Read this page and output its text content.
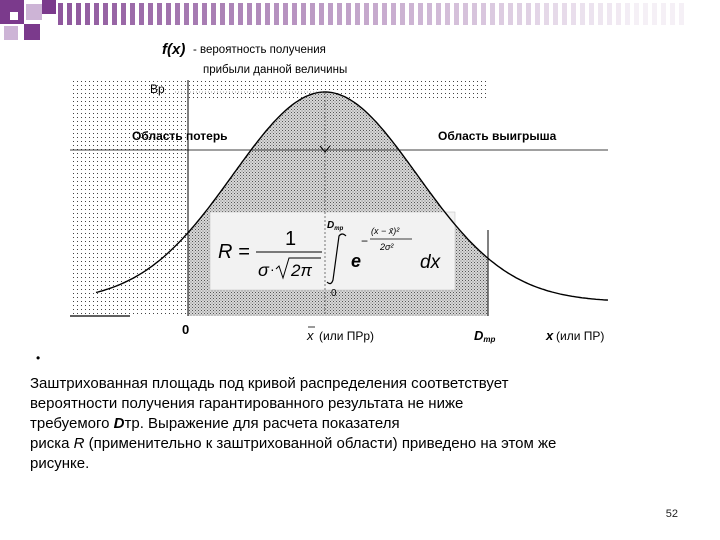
f(x) - вероятность получения
прибыли данной величины
Вр
Область потерь	Область выигрыша
0	x (или ПРр)	Dтр	x (или ПР)
R =
1
σ · 2π
$D_{тр}$
0
e
−
(x − x̄)²
2σ²
dx
•
Заштрихованная площадь под кривой распределения соответствует
вероятности получения гарантированного результата не ниже
требуемого Dтр. Выражение для расчета показателя
риска R (применительно к заштрихованной области) приведено на этом же
рисунке.
52
